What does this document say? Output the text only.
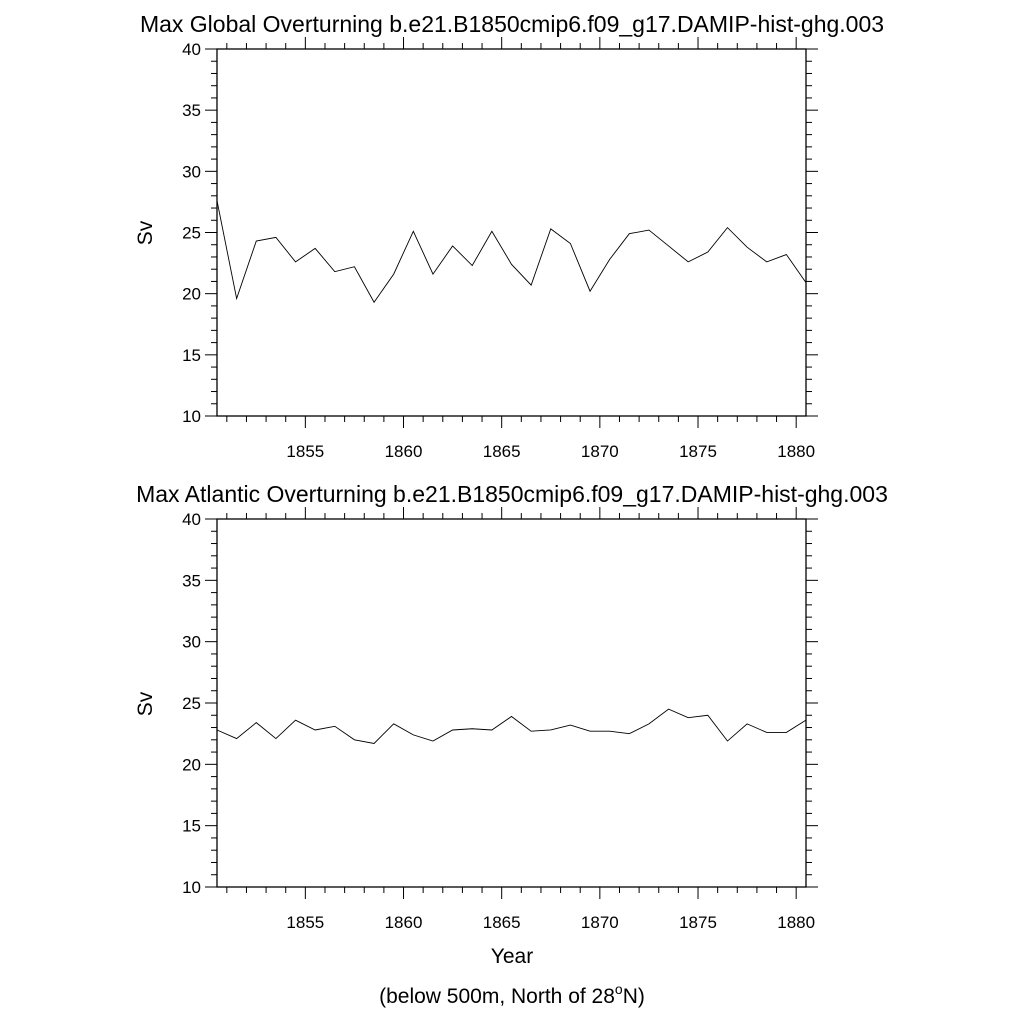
Max Global Overturning b.e21.B1850cmip6.f09_g17.DAMIP-hist-ghg.003
Sv
10
15
20
25
30
35
40
1855	1860	1865	1870	1875	1880
Max Atlantic Overturning b.e21.B1850cmip6.f09_g17.DAMIP-hist-ghg.003
Sv
10
15
20
25
30
35
40
1855	1860	1865	1870	1875	1880
Year
(below 500m, North of 28$^o$N)
